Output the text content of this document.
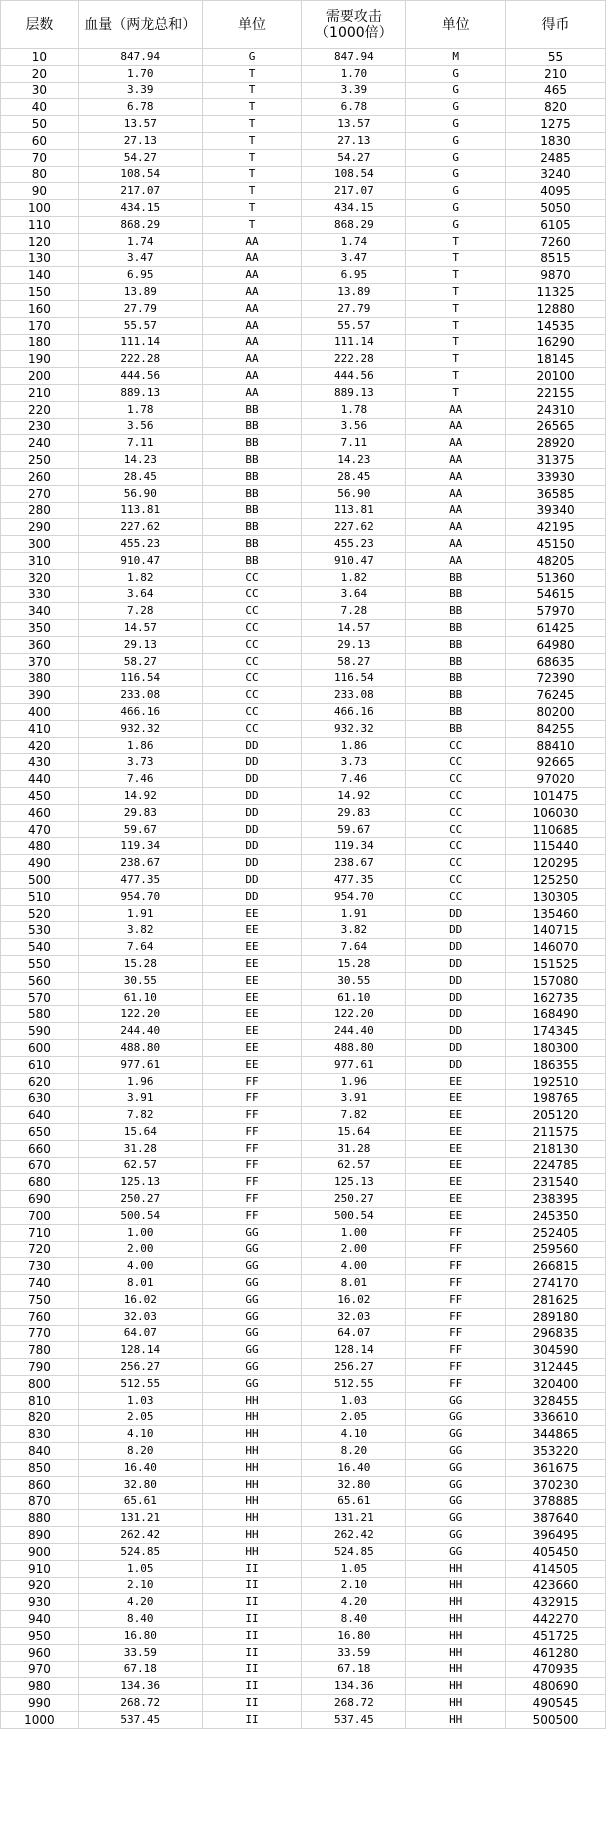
层数	血量（两龙总和）	单位	需要攻击（1000倍）	单位	得币
10	847.94	G	847.94	M	55
20	1.70	T	1.70	G	210
30	3.39	T	3.39	G	465
40	6.78	T	6.78	G	820
50	13.57	T	13.57	G	1275
60	27.13	T	27.13	G	1830
70	54.27	T	54.27	G	2485
80	108.54	T	108.54	G	3240
90	217.07	T	217.07	G	4095
100	434.15	T	434.15	G	5050
110	868.29	T	868.29	G	6105
120	1.74	AA	1.74	T	7260
130	3.47	AA	3.47	T	8515
140	6.95	AA	6.95	T	9870
150	13.89	AA	13.89	T	11325
160	27.79	AA	27.79	T	12880
170	55.57	AA	55.57	T	14535
180	111.14	AA	111.14	T	16290
190	222.28	AA	222.28	T	18145
200	444.56	AA	444.56	T	20100
210	889.13	AA	889.13	T	22155
220	1.78	BB	1.78	AA	24310
230	3.56	BB	3.56	AA	26565
240	7.11	BB	7.11	AA	28920
250	14.23	BB	14.23	AA	31375
260	28.45	BB	28.45	AA	33930
270	56.90	BB	56.90	AA	36585
280	113.81	BB	113.81	AA	39340
290	227.62	BB	227.62	AA	42195
300	455.23	BB	455.23	AA	45150
310	910.47	BB	910.47	AA	48205
320	1.82	CC	1.82	BB	51360
330	3.64	CC	3.64	BB	54615
340	7.28	CC	7.28	BB	57970
350	14.57	CC	14.57	BB	61425
360	29.13	CC	29.13	BB	64980
370	58.27	CC	58.27	BB	68635
380	116.54	CC	116.54	BB	72390
390	233.08	CC	233.08	BB	76245
400	466.16	CC	466.16	BB	80200
410	932.32	CC	932.32	BB	84255
420	1.86	DD	1.86	CC	88410
430	3.73	DD	3.73	CC	92665
440	7.46	DD	7.46	CC	97020
450	14.92	DD	14.92	CC	101475
460	29.83	DD	29.83	CC	106030
470	59.67	DD	59.67	CC	110685
480	119.34	DD	119.34	CC	115440
490	238.67	DD	238.67	CC	120295
500	477.35	DD	477.35	CC	125250
510	954.70	DD	954.70	CC	130305
520	1.91	EE	1.91	DD	135460
530	3.82	EE	3.82	DD	140715
540	7.64	EE	7.64	DD	146070
550	15.28	EE	15.28	DD	151525
560	30.55	EE	30.55	DD	157080
570	61.10	EE	61.10	DD	162735
580	122.20	EE	122.20	DD	168490
590	244.40	EE	244.40	DD	174345
600	488.80	EE	488.80	DD	180300
610	977.61	EE	977.61	DD	186355
620	1.96	FF	1.96	EE	192510
630	3.91	FF	3.91	EE	198765
640	7.82	FF	7.82	EE	205120
650	15.64	FF	15.64	EE	211575
660	31.28	FF	31.28	EE	218130
670	62.57	FF	62.57	EE	224785
680	125.13	FF	125.13	EE	231540
690	250.27	FF	250.27	EE	238395
700	500.54	FF	500.54	EE	245350
710	1.00	GG	1.00	FF	252405
720	2.00	GG	2.00	FF	259560
730	4.00	GG	4.00	FF	266815
740	8.01	GG	8.01	FF	274170
750	16.02	GG	16.02	FF	281625
760	32.03	GG	32.03	FF	289180
770	64.07	GG	64.07	FF	296835
780	128.14	GG	128.14	FF	304590
790	256.27	GG	256.27	FF	312445
800	512.55	GG	512.55	FF	320400
810	1.03	HH	1.03	GG	328455
820	2.05	HH	2.05	GG	336610
830	4.10	HH	4.10	GG	344865
840	8.20	HH	8.20	GG	353220
850	16.40	HH	16.40	GG	361675
860	32.80	HH	32.80	GG	370230
870	65.61	HH	65.61	GG	378885
880	131.21	HH	131.21	GG	387640
890	262.42	HH	262.42	GG	396495
900	524.85	HH	524.85	GG	405450
910	1.05	II	1.05	HH	414505
920	2.10	II	2.10	HH	423660
930	4.20	II	4.20	HH	432915
940	8.40	II	8.40	HH	442270
950	16.80	II	16.80	HH	451725
960	33.59	II	33.59	HH	461280
970	67.18	II	67.18	HH	470935
980	134.36	II	134.36	HH	480690
990	268.72	II	268.72	HH	490545
1000	537.45	II	537.45	HH	500500
